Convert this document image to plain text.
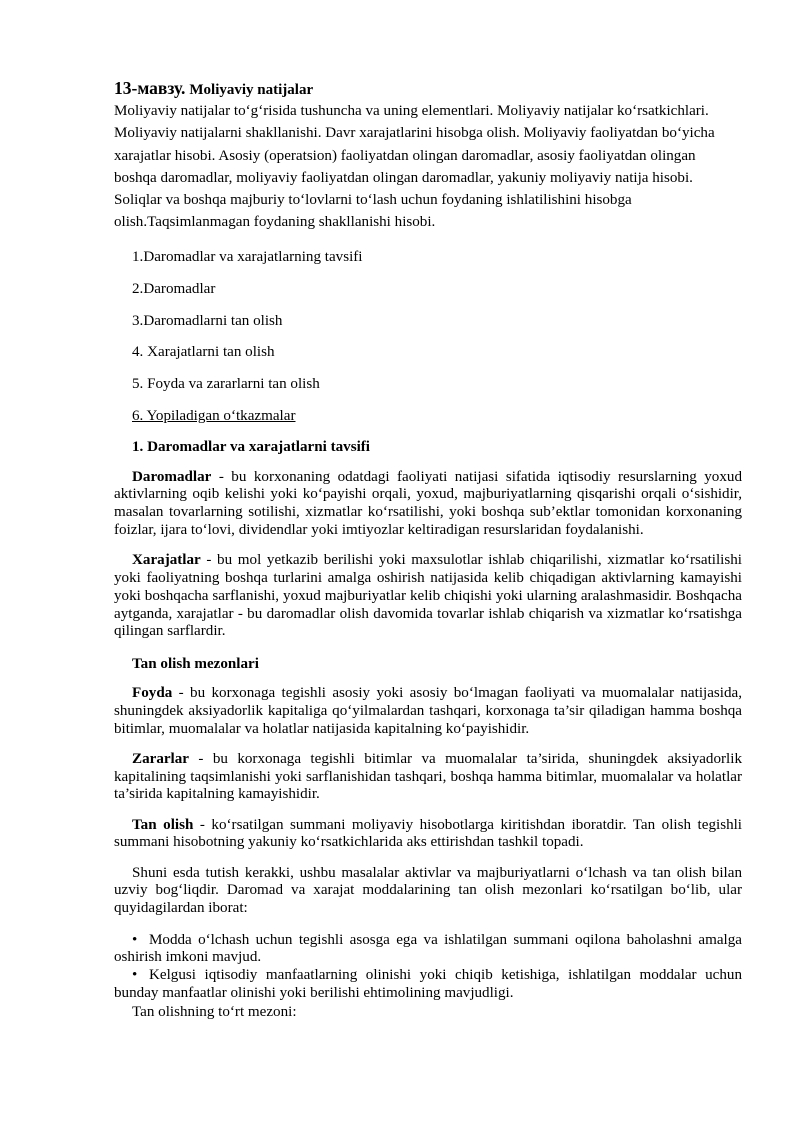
13-мавзу. Moliyaviy natijalar

Moliyaviy natijalar to‘g‘risida tushuncha va uning elementlari. Moliyaviy natijalar ko‘rsatkichlari. Moliyaviy natijalarni shakllanishi. Davr xarajatlarini hisobga olish. Moliyaviy faoliyatdan bo‘yicha xarajatlar hisobi. Asosiy (operatsion) faoliyatdan olingan daromadlar, asosiy faoliyatdan olingan boshqa daromadlar, moliyaviy faoliyatdan olingan daromadlar, yakuniy moliyaviy natija hisobi. Soliqlar va boshqa majburiy to‘lovlarni to‘lash uchun foydaning ishlatilishini hisobga olish.Taqsimlanmagan foydaning shakllanishi hisobi.

1.Daromadlar va xarajatlarning tavsifi
2.Daromadlar
3.Daromadlarni tan olish
4. Xarajatlarni tan olish
5. Foyda va zararlarni tan olish
6. Yopiladigan o‘tkazmalar

1. Daromadlar va xarajatlarni tavsifi

Daromadlar - bu korxonaning odatdagi faoliyati natijasi sifatida iqtisodiy resurslarning yoxud aktivlarning oqib kelishi yoki ko‘payishi orqali, yoxud, majburiyatlarning qisqarishi orqali o‘sishidir, masalan tovarlarning sotilishi, xizmatlar ko‘rsatilishi, yoki boshqa sub’ektlar tomonidan korxonaning foizlar, ijara to‘lovi, dividendlar yoki imtiyozlar keltiradigan resurslaridan foydalanishi.

Xarajatlar - bu mol yetkazib berilishi yoki maxsulotlar ishlab chiqarilishi, xizmatlar ko‘rsatilishi yoki faoliyatning boshqa turlarini amalga oshirish natijasida kelib chiqadigan aktivlarning kamayishi yoki boshqacha sarflanishi, yoxud majburiyatlar kelib chiqishi yoki ularning aralashmasidir. Boshqacha aytganda, xarajatlar - bu daromadlar olish davomida tovarlar ishlab chiqarish va xizmatlar ko‘rsatishga qilingan sarflardir.

Tan olish mezonlari

Foyda - bu korxonaga tegishli asosiy yoki asosiy bo‘lmagan faoliyati va muomalalar natijasida, shuningdek aksiyadorlik kapitaliga qo‘yilmalardan tashqari, korxonaga ta’sir qiladigan hamma boshqa bitimlar, muomalalar va holatlar natijasida kapitalning ko‘payishidir.

Zararlar - bu korxonaga tegishli bitimlar va muomalalar ta’sirida, shuningdek aksiyadorlik kapitalining taqsimlanishi yoki sarflanishidan tashqari, boshqa hamma bitimlar, muomalalar va holatlar ta’sirida kapitalning kamayishidir.

Tan olish - ko‘rsatilgan summani moliyaviy hisobotlarga kiritishdan iboratdir. Tan olish tegishli summani hisobotning yakuniy ko‘rsatkichlarida aks ettirishdan tashkil topadi.

Shuni esda tutish kerakki, ushbu masalalar aktivlar va majburiyatlarni o‘lchash va tan olish bilan uzviy bog‘liqdir. Daromad va xarajat moddalarining tan olish mezonlari ko‘rsatilgan bo‘lib, ular quyidagilardan iborat:

• Modda o‘lchash uchun tegishli asosga ega va ishlatilgan summani oqilona baholashni amalga oshirish imkoni mavjud.
• Kelgusi iqtisodiy manfaatlarning olinishi yoki chiqib ketishiga, ishlatilgan moddalar uchun bunday manfaatlar olinishi yoki berilishi ehtimolining mavjudligi.

Tan olishning to‘rt mezoni:
